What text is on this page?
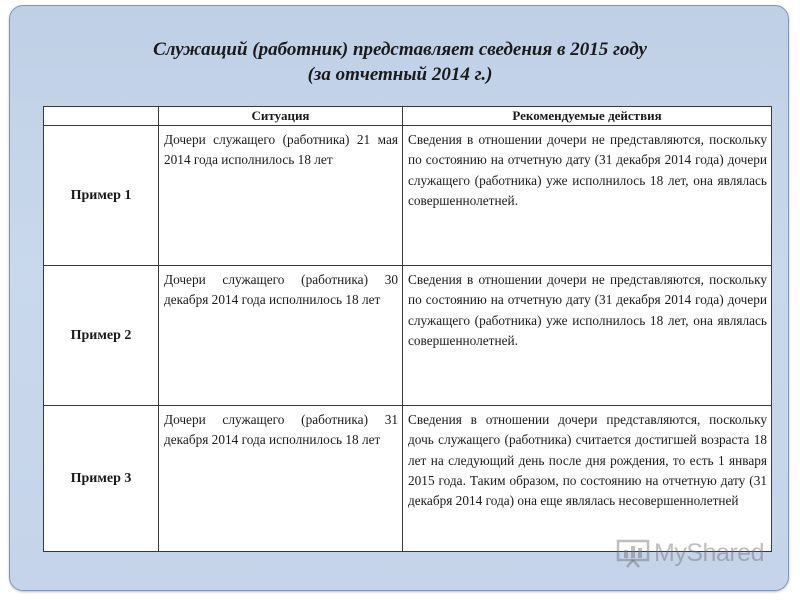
Служащий (работник) представляет сведения в 2015 году
(за отчетный 2014 г.)
	Ситуация	Рекомендуемые действия
Пример 1	Дочери служащего (работника) 21 мая 2014 года исполнилось 18 лет	Сведения в отношении дочери не представляются, поскольку по состоянию на отчетную дату (31 декабря 2014 года) дочери служащего (работника) уже исполнилось 18 лет, она являлась совершеннолетней.
Пример 2	Дочери служащего (работника) 30 декабря 2014 года исполнилось 18 лет	Сведения в отношении дочери не представляются, поскольку по состоянию на отчетную дату (31 декабря 2014 года) дочери служащего (работника) уже исполнилось 18 лет, она являлась совершеннолетней.
Пример 3	Дочери служащего (работника) 31 декабря 2014 года исполнилось 18 лет	Сведения в отношении дочери представляются, поскольку дочь служащего (работника) считается достигшей возраста 18 лет на следующий день после дня рождения, то есть 1 января 2015 года. Таким образом, по состоянию на отчетную дату (31 декабря 2014 года) она еще являлась несовершеннолетней
MyShared
